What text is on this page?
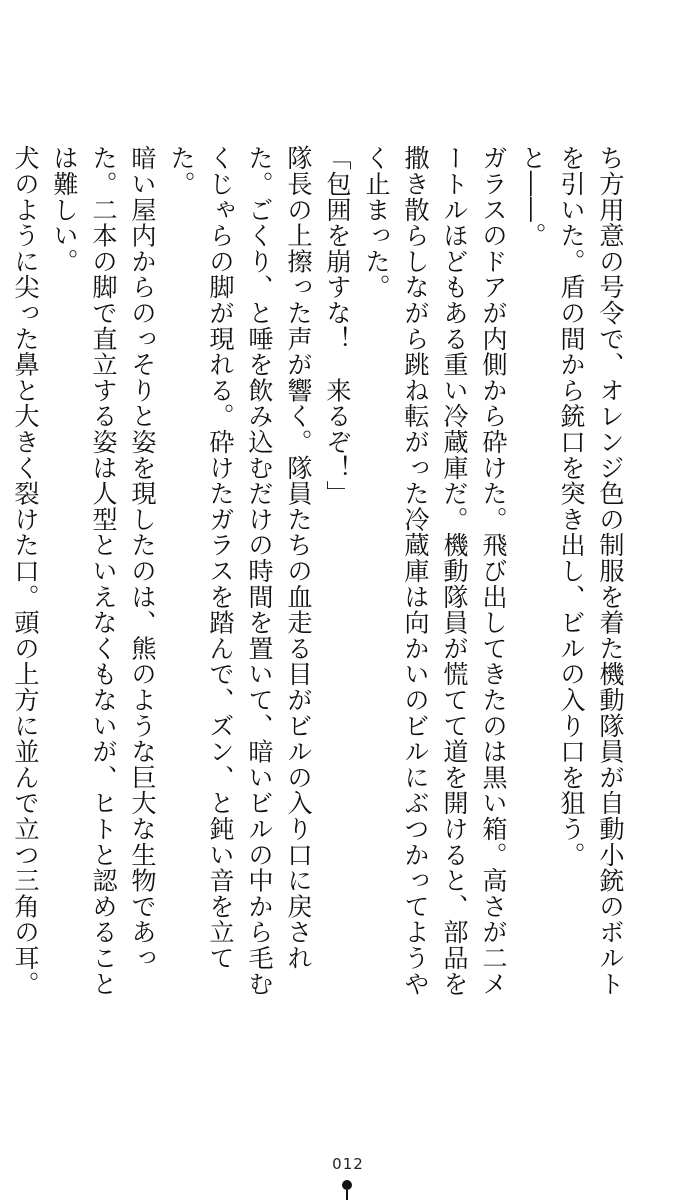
ち方用意の号令で、オレンジ色の制服を着た機動隊員が自動小銃のボルトを引いた。盾の間から銃口を突き出し、ビルの入り口を狙う。

と――。

ガラスのドアが内側から砕けた。飛び出してきたのは黒い箱。高さが二メートルほどもある重い冷蔵庫だ。機動隊員が慌てて道を開けると、部品を撒き散らしながら跳ね転がった冷蔵庫は向かいのビルにぶつかってようやく止まった。

「包囲を崩すな！　来るぞ！」

隊長の上擦った声が響く。隊員たちの血走る目がビルの入り口に戻された。ごくり、と唾を飲み込むだけの時間を置いて、暗いビルの中から毛むくじゃらの脚が現れる。砕けたガラスを踏んで、ズン、と鈍い音を立てた。

暗い屋内からのっそりと姿を現したのは、熊のような巨大な生物であった。二本の脚で直立する姿は人型といえなくもないが、ヒトと認めることは難しい。

犬のように尖った鼻と大きく裂けた口。頭の上方に並んで立つ三角の耳。

012
